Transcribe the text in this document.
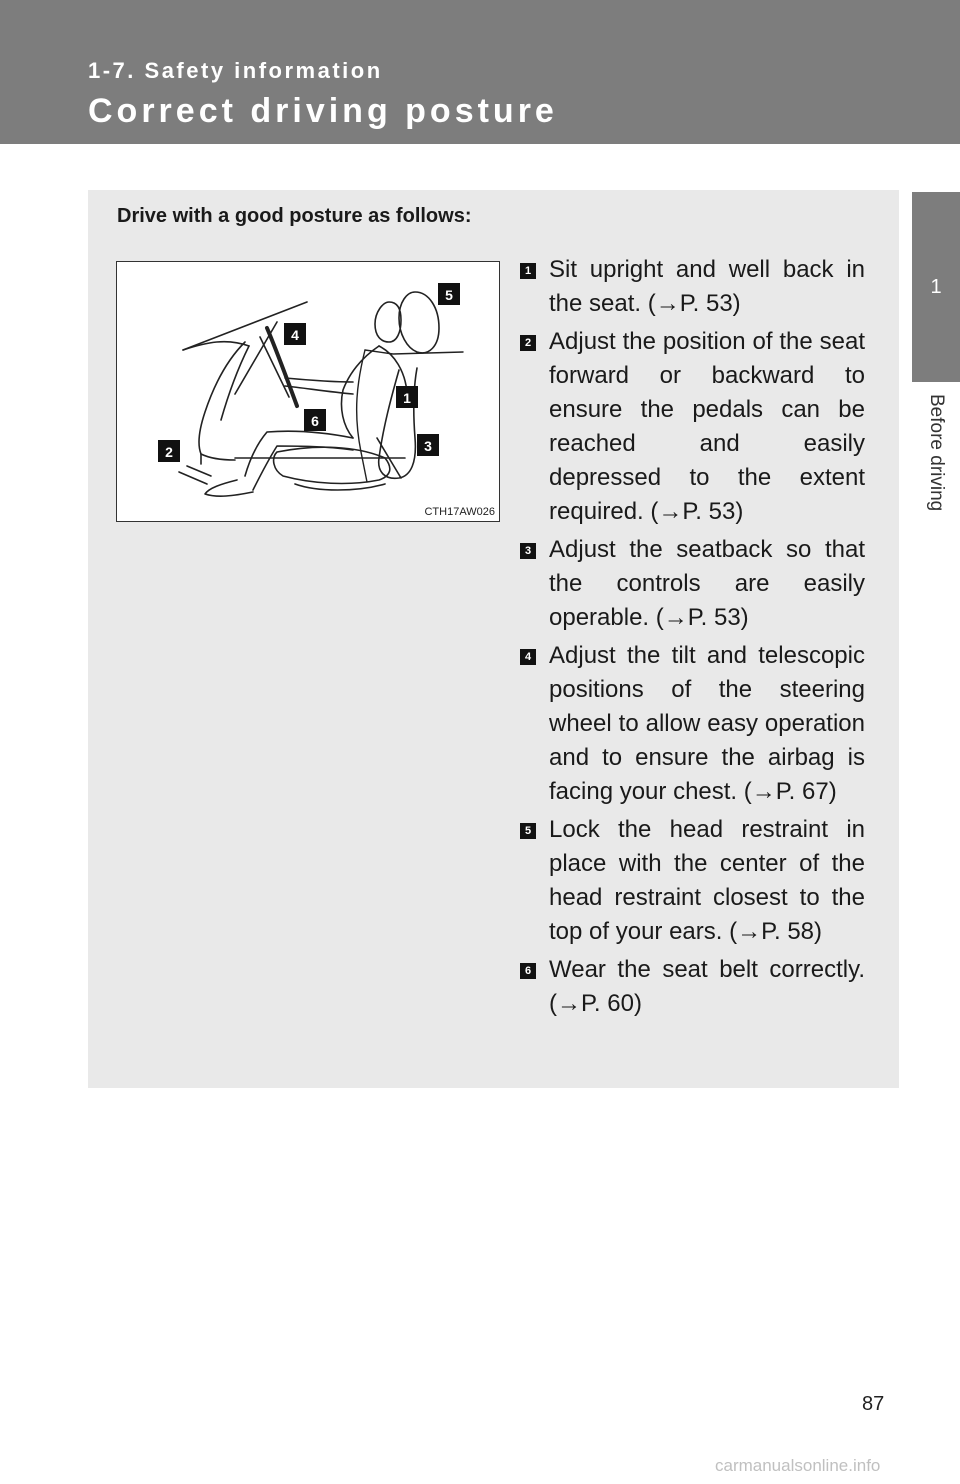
1-7. Safety information
Correct driving posture
1
Before driving
Drive with a good posture as follows:
1
2	3
4
5
6
CTH17AW026
1 Sit upright and well back in the seat. (→P. 53)
2 Adjust the position of the seat forward or backward to ensure the pedals can be reached and easily depressed to the extent required. (→P. 53)
3 Adjust the seatback so that the controls are easily operable. (→P. 53)
4 Adjust the tilt and telescopic positions of the steering wheel to allow easy operation and to ensure the airbag is facing your chest. (→P. 67)
5 Lock the head restraint in place with the center of the head restraint closest to the top of your ears. (→P. 58)
6 Wear the seat belt correctly. (→P. 60)
87
carmanualsonline.info
